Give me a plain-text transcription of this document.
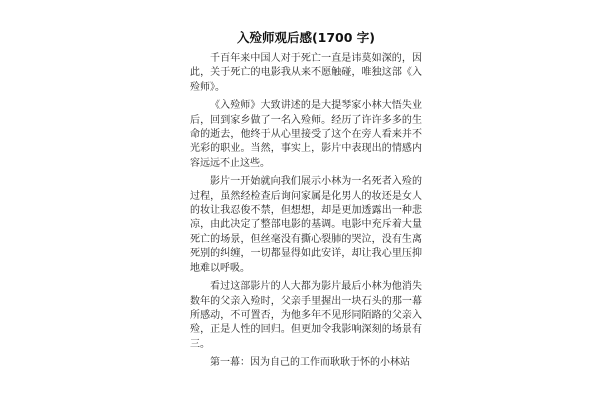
入殓师观后感(1700 字)

千百年来中国人对于死亡一直是讳莫如深的，因此，关于死亡的电影我从来不愿触碰，唯独这部《入殓师》。

《入殓师》大致讲述的是大提琴家小林大悟失业后，回到家乡做了一名入殓师。经历了许许多多的生命的逝去，他终于从心里接受了这个在旁人看来并不光彩的职业。当然，事实上，影片中表现出的情感内容远远不止这些。

影片一开始就向我们展示小林为一名死者入殓的过程，虽然经检查后询问家属是化男人的妆还是女人的妆让我忍俊不禁，但想想，却是更加透露出一种悲凉，由此决定了整部电影的基调。电影中充斥着大量死亡的场景，但丝毫没有撕心裂肺的哭泣，没有生离死别的纠缠，一切都显得如此安详，却让我心里压抑地难以呼吸。

看过这部影片的人大都为影片最后小林为他消失数年的父亲入殓时，父亲手里握出一块石头的那一幕所感动，不可置否，为他多年不见形同陌路的父亲入殓，正是人性的回归。但更加令我影响深刻的场景有三。

第一幕：因为自己的工作而耿耿于怀的小林站
